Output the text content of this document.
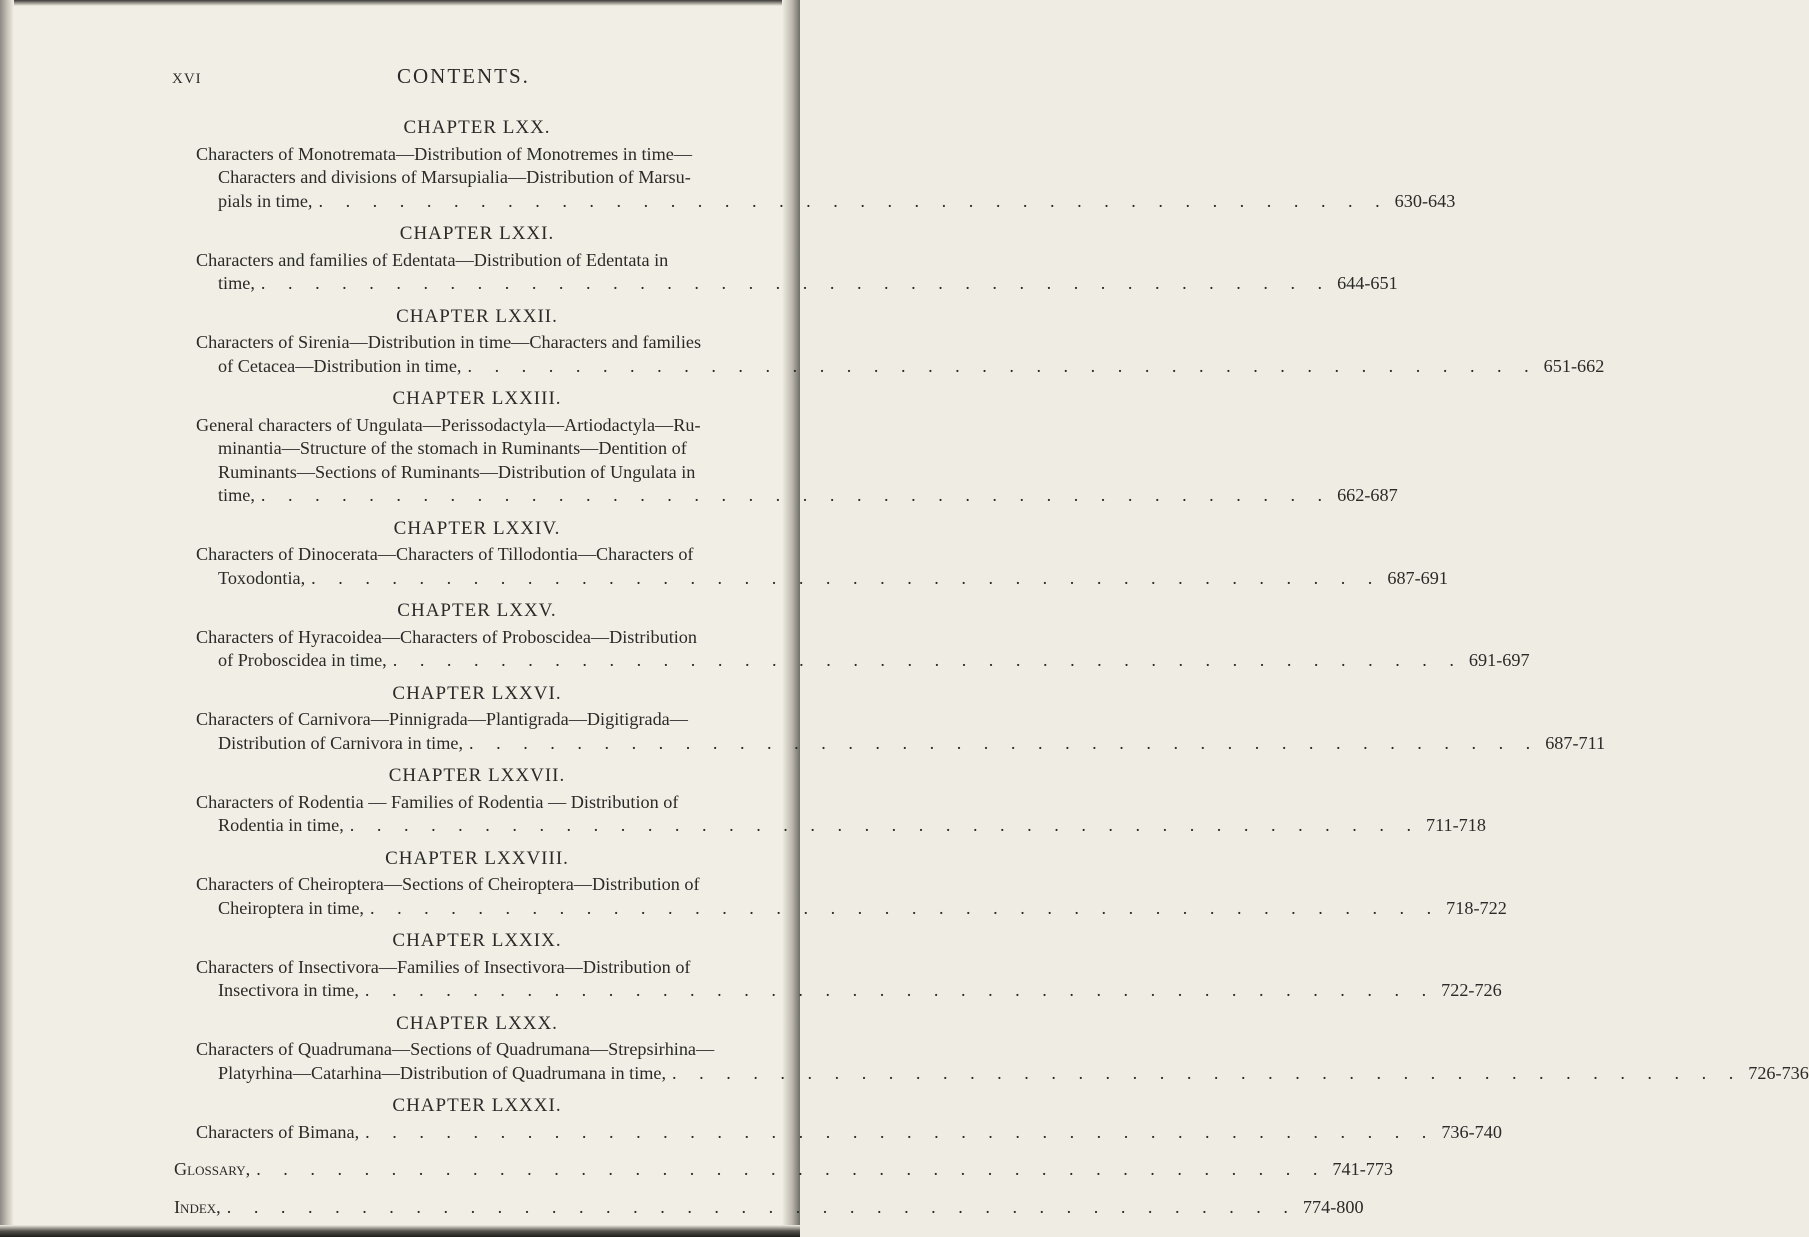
xvi	CONTENTS.
CHAPTER LXX.
Characters of Monotremata—Distribution of Monotremes in time—
Characters and divisions of Marsupialia—Distribution of Marsu-
pials in time, . . . . . . . . . . . . . . . . . . . . . . . . . . . . . . . . . . . . . . . . 630-643
CHAPTER LXXI.
Characters and families of Edentata—Distribution of Edentata in
time, . . . . . . . . . . . . . . . . . . . . . . . . . . . . . . . . . . . . . . . . 644-651
CHAPTER LXXII.
Characters of Sirenia—Distribution in time—Characters and families
of Cetacea—Distribution in time, . . . . . . . . . . . . . . . . . . . . . . . . . . . . . . . . . . . . . . . . 651-662
CHAPTER LXXIII.
General characters of Ungulata—Perissodactyla—Artiodactyla—Ru-
minantia—Structure of the stomach in Ruminants—Dentition of
Ruminants—Sections of Ruminants—Distribution of Ungulata in
time, . . . . . . . . . . . . . . . . . . . . . . . . . . . . . . . . . . . . . . . . 662-687
CHAPTER LXXIV.
Characters of Dinocerata—Characters of Tillodontia—Characters of
Toxodontia, . . . . . . . . . . . . . . . . . . . . . . . . . . . . . . . . . . . . . . . . 687-691
CHAPTER LXXV.
Characters of Hyracoidea—Characters of Proboscidea—Distribution
of Proboscidea in time, . . . . . . . . . . . . . . . . . . . . . . . . . . . . . . . . . . . . . . . . 691-697
CHAPTER LXXVI.
Characters of Carnivora—Pinnigrada—Plantigrada—Digitigrada—
Distribution of Carnivora in time, . . . . . . . . . . . . . . . . . . . . . . . . . . . . . . . . . . . . . . . . 687-711
CHAPTER LXXVII.
Characters of Rodentia — Families of Rodentia — Distribution of
Rodentia in time, . . . . . . . . . . . . . . . . . . . . . . . . . . . . . . . . . . . . . . . . 711-718
CHAPTER LXXVIII.
Characters of Cheiroptera—Sections of Cheiroptera—Distribution of
Cheiroptera in time, . . . . . . . . . . . . . . . . . . . . . . . . . . . . . . . . . . . . . . . . 718-722
CHAPTER LXXIX.
Characters of Insectivora—Families of Insectivora—Distribution of
Insectivora in time, . . . . . . . . . . . . . . . . . . . . . . . . . . . . . . . . . . . . . . . . 722-726
CHAPTER LXXX.
Characters of Quadrumana—Sections of Quadrumana—Strepsirhina—
Platyrhina—Catarhina—Distribution of Quadrumana in time, . . . . . . . . . . . . . . . . . . . . . . . . . . . . . . . . . . . . . . . . 726-736
CHAPTER LXXXI.
Characters of Bimana, . . . . . . . . . . . . . . . . . . . . . . . . . . . . . . . . . . . . . . . . 736-740
Glossary, . . . . . . . . . . . . . . . . . . . . . . . . . . . . . . . . . . . . . . . . 741-773
Index, . . . . . . . . . . . . . . . . . . . . . . . . . . . . . . . . . . . . . . . . 774-800
